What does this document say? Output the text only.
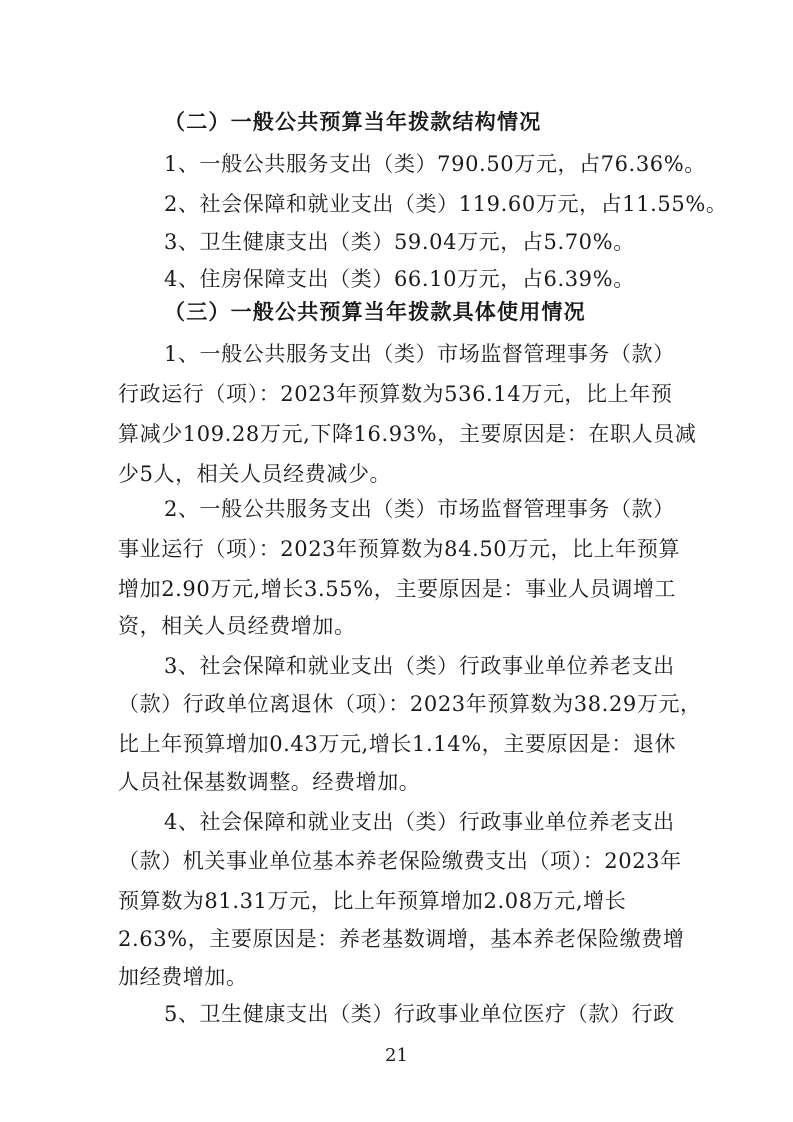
（二）一般公共预算当年拨款结构情况
1、一般公共服务支出（类）790.50万元，占76.36%。
2、社会保障和就业支出（类）119.60万元，占11.55%。
3、卫生健康支出（类）59.04万元，占5.70%。
4、住房保障支出（类）66.10万元，占6.39%。
（三）一般公共预算当年拨款具体使用情况
1、一般公共服务支出（类）市场监督管理事务（款）
行政运行（项）：2023年预算数为536.14万元，比上年预
算减少109.28万元,下降16.93%，主要原因是：在职人员减
少5人，相关人员经费减少。
2、一般公共服务支出（类）市场监督管理事务（款）
事业运行（项）：2023年预算数为84.50万元，比上年预算
增加2.90万元,增长3.55%，主要原因是：事业人员调增工
资，相关人员经费增加。
3、社会保障和就业支出（类）行政事业单位养老支出
（款）行政单位离退休（项）：2023年预算数为38.29万元，
比上年预算增加0.43万元,增长1.14%，主要原因是：退休
人员社保基数调整。经费增加。
4、社会保障和就业支出（类）行政事业单位养老支出
（款）机关事业单位基本养老保险缴费支出（项）：2023年
预算数为81.31万元，比上年预算增加2.08万元,增长
2.63%，主要原因是：养老基数调增，基本养老保险缴费增
加经费增加。
5、卫生健康支出（类）行政事业单位医疗（款）行政
21
